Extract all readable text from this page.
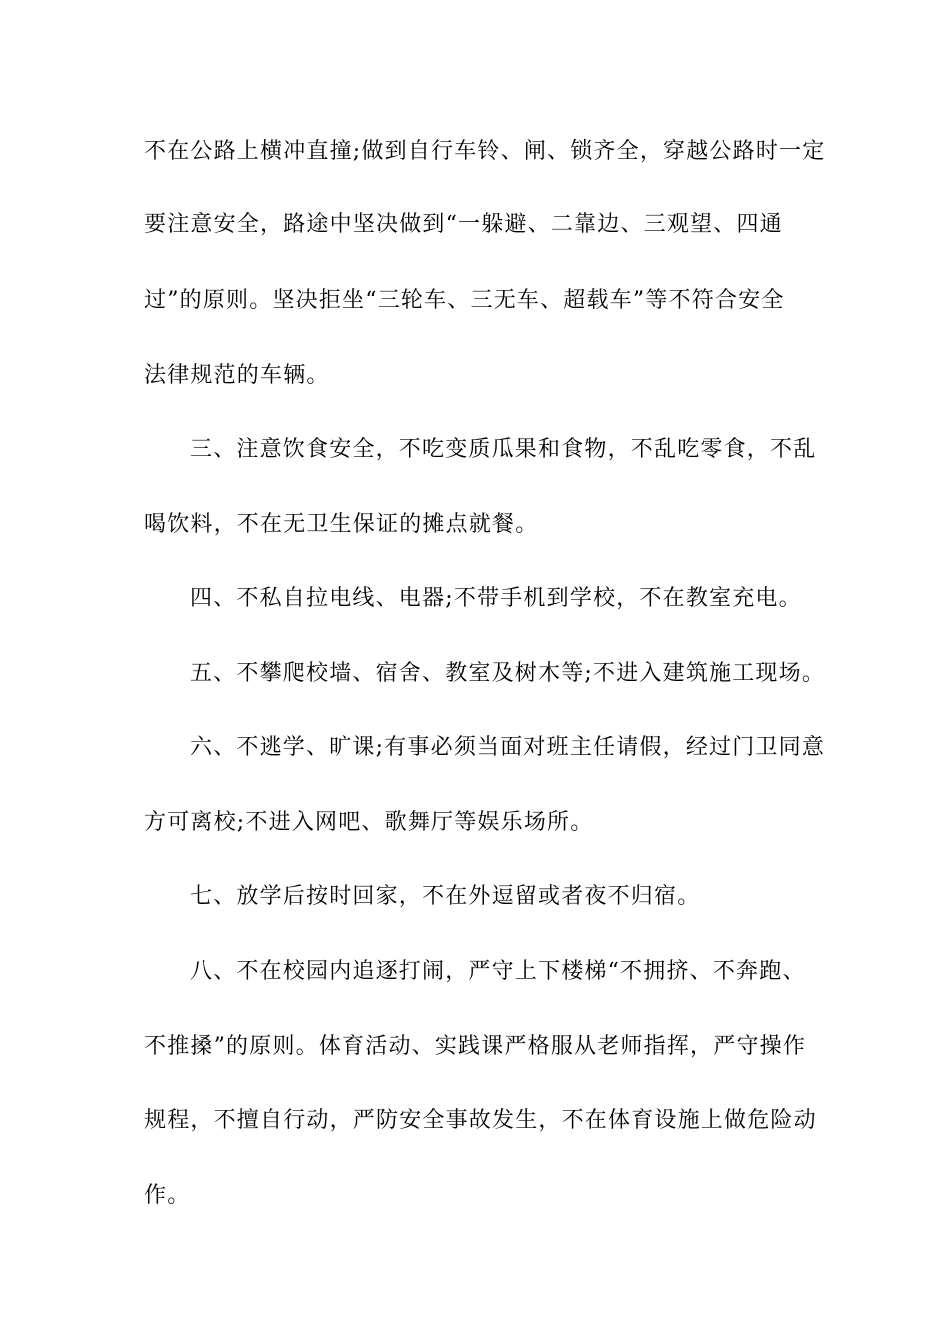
不在公路上横冲直撞;做到自行车铃、闸、锁齐全，穿越公路时一定
要注意安全，路途中坚决做到“一躲避、二靠边、三观望、四通
过”的原则。坚决拒坐“三轮车、三无车、超载车”等不符合安全
法律规范的车辆。
三、注意饮食安全，不吃变质瓜果和食物，不乱吃零食，不乱
喝饮料，不在无卫生保证的摊点就餐。
四、不私自拉电线、电器;不带手机到学校，不在教室充电。
五、不攀爬校墙、宿舍、教室及树木等;不进入建筑施工现场。
六、不逃学、旷课;有事必须当面对班主任请假，经过门卫同意
方可离校;不进入网吧、歌舞厅等娱乐场所。
七、放学后按时回家，不在外逗留或者夜不归宿。
八、不在校园内追逐打闹，严守上下楼梯“不拥挤、不奔跑、
不推搡”的原则。体育活动、实践课严格服从老师指挥，严守操作
规程，不擅自行动，严防安全事故发生，不在体育设施上做危险动
作。
